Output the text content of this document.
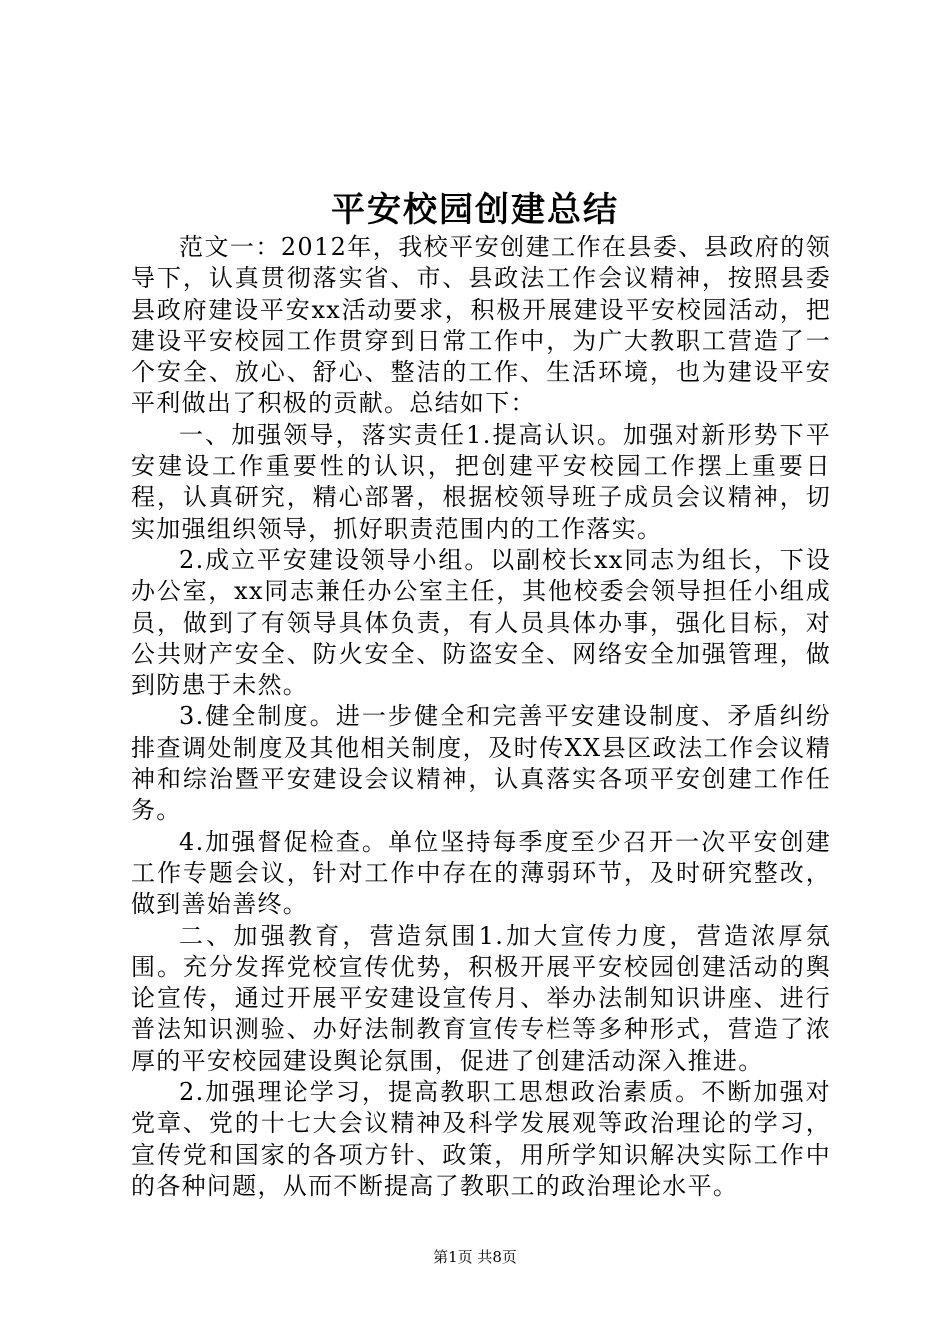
平安校园创建总结

范文一：2012年，我校平安创建工作在县委、县政府的领导下，认真贯彻落实省、市、县政法工作会议精神，按照县委县政府建设平安xx活动要求，积极开展建设平安校园活动，把建设平安校园工作贯穿到日常工作中，为广大教职工营造了一个安全、放心、舒心、整洁的工作、生活环境，也为建设平安平利做出了积极的贡献。总结如下：

一、加强领导，落实责任1.提高认识。加强对新形势下平安建设工作重要性的认识，把创建平安校园工作摆上重要日程，认真研究，精心部署，根据校领导班子成员会议精神，切实加强组织领导，抓好职责范围内的工作落实。

2.成立平安建设领导小组。以副校长xx同志为组长，下设办公室，xx同志兼任办公室主任，其他校委会领导担任小组成员，做到了有领导具体负责，有人员具体办事，强化目标，对公共财产安全、防火安全、防盗安全、网络安全加强管理，做到防患于未然。

3.健全制度。进一步健全和完善平安建设制度、矛盾纠纷排查调处制度及其他相关制度，及时传XX县区政法工作会议精神和综治暨平安建设会议精神，认真落实各项平安创建工作任务。

4.加强督促检查。单位坚持每季度至少召开一次平安创建工作专题会议，针对工作中存在的薄弱环节，及时研究整改，做到善始善终。

二、加强教育，营造氛围1.加大宣传力度，营造浓厚氛围。充分发挥党校宣传优势，积极开展平安校园创建活动的舆论宣传，通过开展平安建设宣传月、举办法制知识讲座、进行普法知识测验、办好法制教育宣传专栏等多种形式，营造了浓厚的平安校园建设舆论氛围，促进了创建活动深入推进。

2.加强理论学习，提高教职工思想政治素质。不断加强对党章、党的十七大会议精神及科学发展观等政治理论的学习，宣传党和国家的各项方针、政策，用所学知识解决实际工作中的各种问题，从而不断提高了教职工的政治理论水平。

第1页 共8页
